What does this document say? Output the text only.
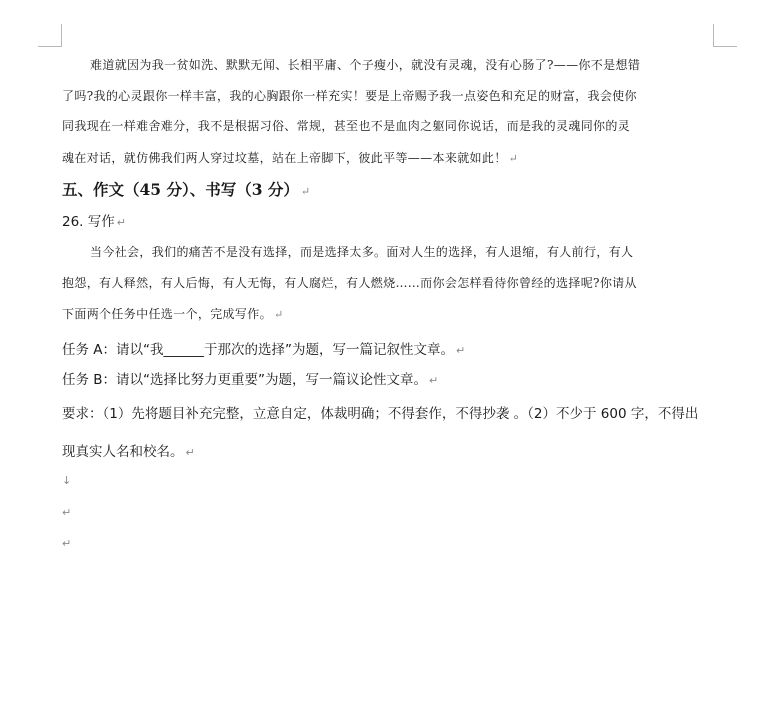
难道就因为我一贫如洗、默默无闻、长相平庸、个子瘦小，就没有灵魂，没有心肠了?——你不是想错
了吗?我的心灵跟你一样丰富，我的心胸跟你一样充实！要是上帝赐予我一点姿色和充足的财富，我会使你
同我现在一样难舍难分，我不是根据习俗、常规，甚至也不是血肉之躯同你说话，而是我的灵魂同你的灵
魂在对话，就仿佛我们两人穿过坟墓，站在上帝脚下，彼此平等——本来就如此！ ↵
五、作文（45 分）、书写（3 分） ↵
26. 写作 ↵
当今社会，我们的痛苦不是没有选择，而是选择太多。面对人生的选择，有人退缩，有人前行，有人
抱怨，有人释然，有人后悔，有人无悔，有人腐烂，有人燃烧……而你会怎样看待你曾经的选择呢?你请从
下面两个任务中任选一个，完成写作。 ↵
任务 A：请以“我______于那次的选择”为题，写一篇记叙性文章。 ↵
任务 B：请以“选择比努力更重要”为题，写一篇议论性文章。 ↵
要求：（1）先将题目补充完整，立意自定，体裁明确；不得套作，不得抄袭 。（2）不少于 600 字，不得出
现真实人名和校名。 ↵
↓
↵
↵
